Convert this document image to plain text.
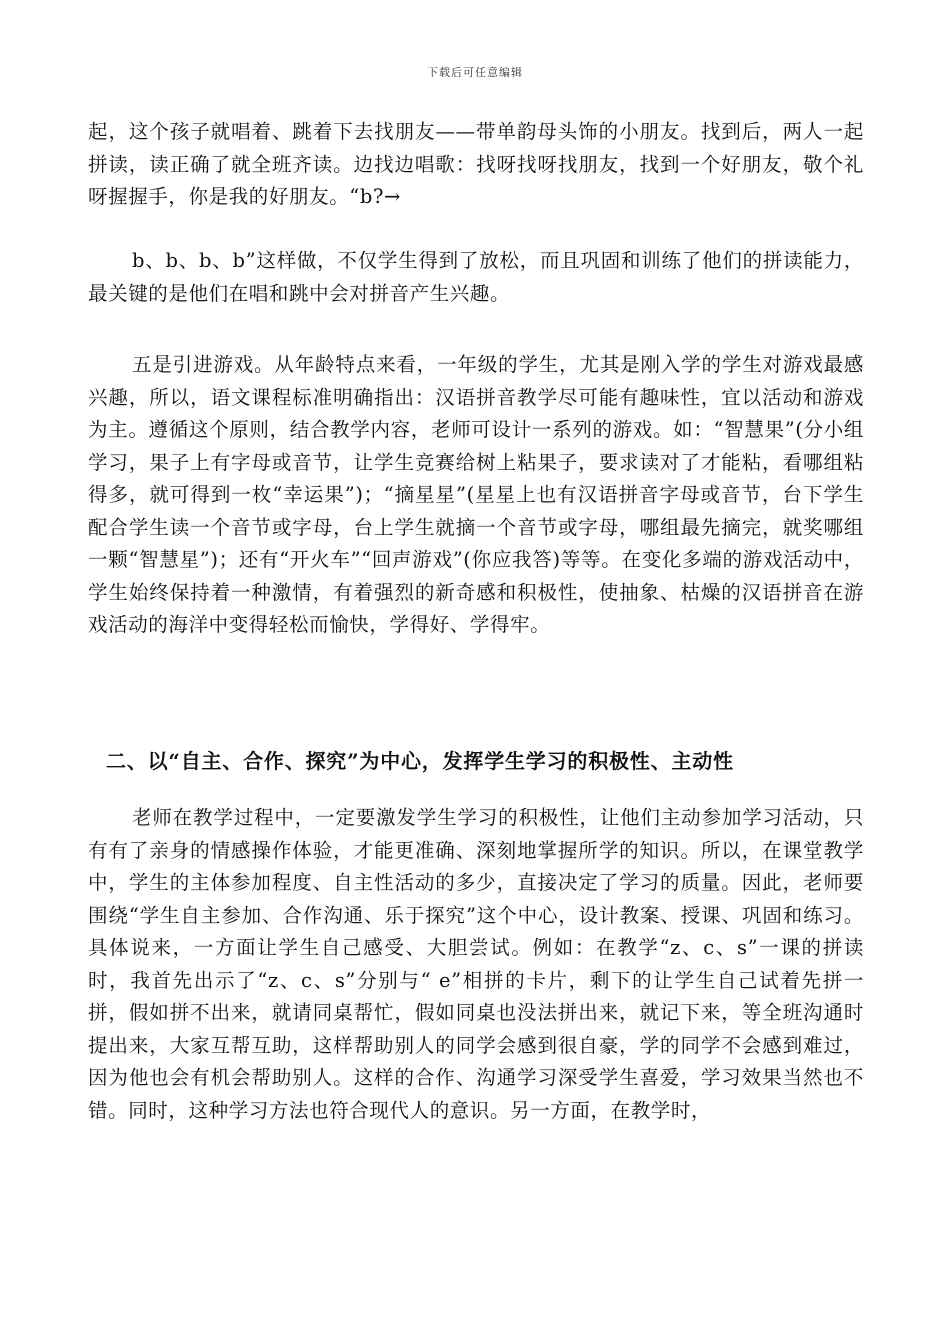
下载后可任意编辑

起，这个孩子就唱着、跳着下去找朋友——带单韵母头饰的小朋友。找到后，两人一起拼读，读正确了就全班齐读。边找边唱歌：找呀找呀找朋友，找到一个好朋友，敬个礼呀握握手，你是我的好朋友。“b?→

b、b、b、b”这样做，不仅学生得到了放松，而且巩固和训练了他们的拼读能力，最关键的是他们在唱和跳中会对拼音产生兴趣。

五是引进游戏。从年龄特点来看，一年级的学生，尤其是刚入学的学生对游戏最感兴趣，所以，语文课程标准明确指出：汉语拼音教学尽可能有趣味性，宜以活动和游戏为主。遵循这个原则，结合教学内容，老师可设计一系列的游戏。如：“智慧果”(分小组学习，果子上有字母或音节，让学生竞赛给树上粘果子，要求读对了才能粘，看哪组粘得多，就可得到一枚“幸运果”)；“摘星星”(星星上也有汉语拼音字母或音节，台下学生配合学生读一个音节或字母，台上学生就摘一个音节或字母，哪组最先摘完，就奖哪组一颗“智慧星”)；还有“开火车”“回声游戏”(你应我答)等等。在变化多端的游戏活动中，学生始终保持着一种激情，有着强烈的新奇感和积极性，使抽象、枯燥的汉语拼音在游戏活动的海洋中变得轻松而愉快，学得好、学得牢。

二、以“自主、合作、探究”为中心，发挥学生学习的积极性、主动性

老师在教学过程中，一定要激发学生学习的积极性，让他们主动参加学习活动，只有有了亲身的情感操作体验，才能更准确、深刻地掌握所学的知识。所以，在课堂教学中，学生的主体参加程度、自主性活动的多少，直接决定了学习的质量。因此，老师要围绕“学生自主参加、合作沟通、乐于探究”这个中心，设计教案、授课、巩固和练习。具体说来，一方面让学生自己感受、大胆尝试。例如：在教学“z、c、s”一课的拼读时，我首先出示了“z、c、s”分别与“ e”相拼的卡片，剩下的让学生自己试着先拼一拼，假如拼不出来，就请同桌帮忙，假如同桌也没法拼出来，就记下来，等全班沟通时提出来，大家互帮互助，这样帮助别人的同学会感到很自豪，学的同学不会感到难过，因为他也会有机会帮助别人。这样的合作、沟通学习深受学生喜爱，学习效果当然也不错。同时，这种学习方法也符合现代人的意识。另一方面，在教学时，
